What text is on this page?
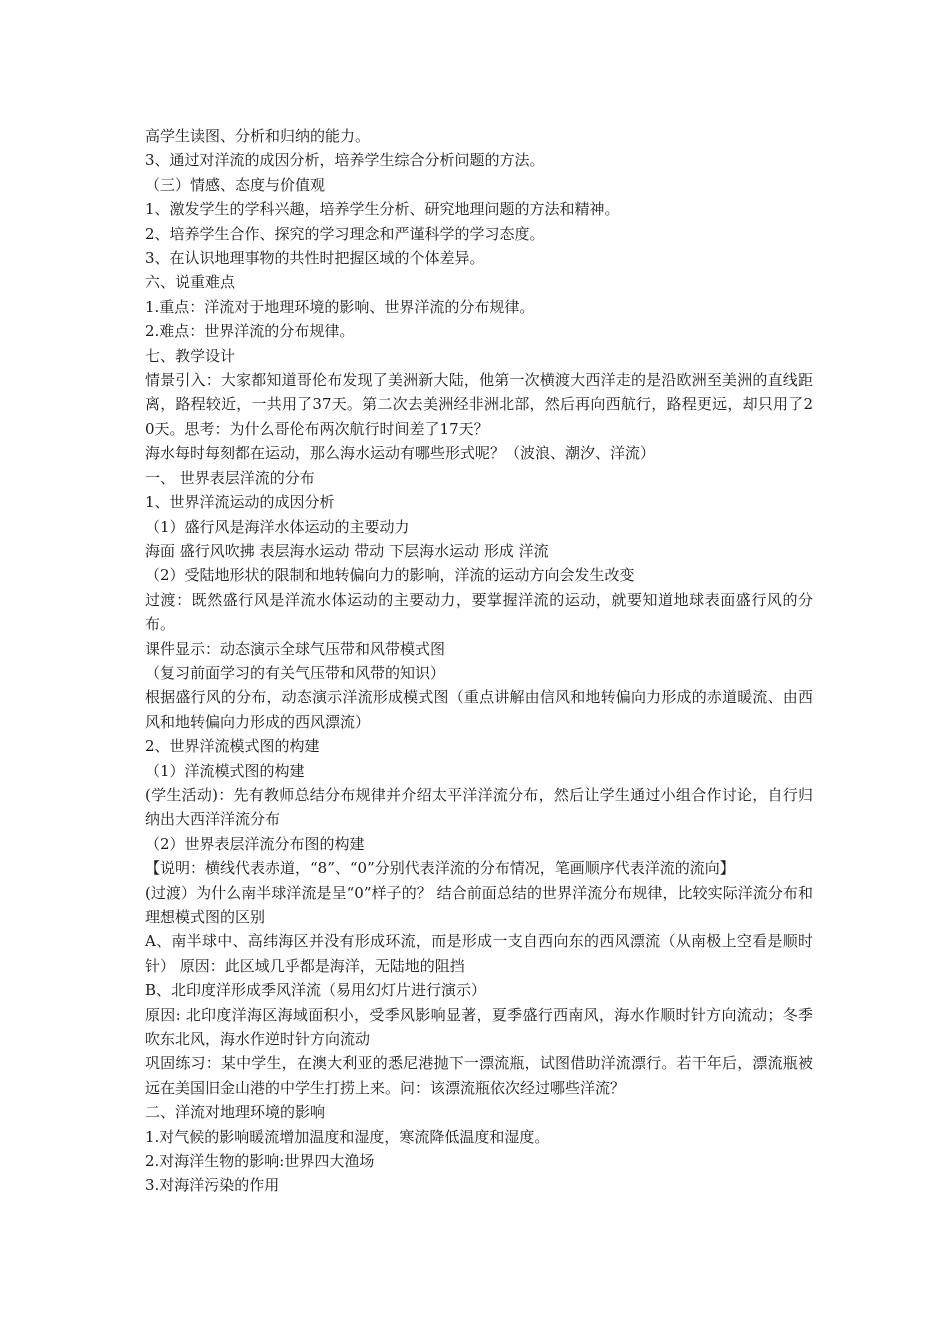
高学生读图、分析和归纳的能力。

3、通过对洋流的成因分析，培养学生综合分析问题的方法。

（三）情感、态度与价值观

1、激发学生的学科兴趣，培养学生分析、研究地理问题的方法和精神。

2、培养学生合作、探究的学习理念和严谨科学的学习态度。

3、在认识地理事物的共性时把握区域的个体差异。

六、说重难点

1.重点：洋流对于地理环境的影响、世界洋流的分布规律。

2.难点：世界洋流的分布规律。

七、教学设计

情景引入：大家都知道哥伦布发现了美洲新大陆，他第一次横渡大西洋走的是沿欧洲至美洲的直线距离，路程较近，一共用了37天。第二次去美洲经非洲北部，然后再向西航行，路程更远，却只用了20天。思考：为什么哥伦布两次航行时间差了17天？

海水每时每刻都在运动，那么海水运动有哪些形式呢？（波浪、潮汐、洋流）

一、 世界表层洋流的分布

1、世界洋流运动的成因分析

（1）盛行风是海洋水体运动的主要动力

海面 盛行风吹拂 表层海水运动 带动 下层海水运动 形成 洋流

（2）受陆地形状的限制和地转偏向力的影响，洋流的运动方向会发生改变

过渡：既然盛行风是洋流水体运动的主要动力，要掌握洋流的运动，就要知道地球表面盛行风的分布。

课件显示：动态演示全球气压带和风带模式图

（复习前面学习的有关气压带和风带的知识）

根据盛行风的分布，动态演示洋流形成模式图（重点讲解由信风和地转偏向力形成的赤道暖流、由西风和地转偏向力形成的西风漂流）

2、世界洋流模式图的构建

（1）洋流模式图的构建

(学生活动)：先有教师总结分布规律并介绍太平洋洋流分布，然后让学生通过小组合作讨论，自行归纳出大西洋洋流分布

（2）世界表层洋流分布图的构建

【说明：横线代表赤道，“8”、“0”分别代表洋流的分布情况，笔画顺序代表洋流的流向】

(过渡）为什么南半球洋流是呈“0”样子的？ 结合前面总结的世界洋流分布规律，比较实际洋流分布和理想模式图的区别

A、南半球中、高纬海区并没有形成环流，而是形成一支自西向东的西风漂流（从南极上空看是顺时针） 原因：此区域几乎都是海洋，无陆地的阻挡

B、北印度洋形成季风洋流（易用幻灯片进行演示）

原因: 北印度洋海区海域面积小，受季风影响显著，夏季盛行西南风，海水作顺时针方向流动；冬季吹东北风，海水作逆时针方向流动

巩固练习：某中学生，在澳大利亚的悉尼港抛下一漂流瓶，试图借助洋流漂行。若干年后，漂流瓶被远在美国旧金山港的中学生打捞上来。问：该漂流瓶依次经过哪些洋流？

二、洋流对地理环境的影响

1.对气候的影响暖流增加温度和湿度，寒流降低温度和湿度。

2.对海洋生物的影响:世界四大渔场

3.对海洋污染的作用
